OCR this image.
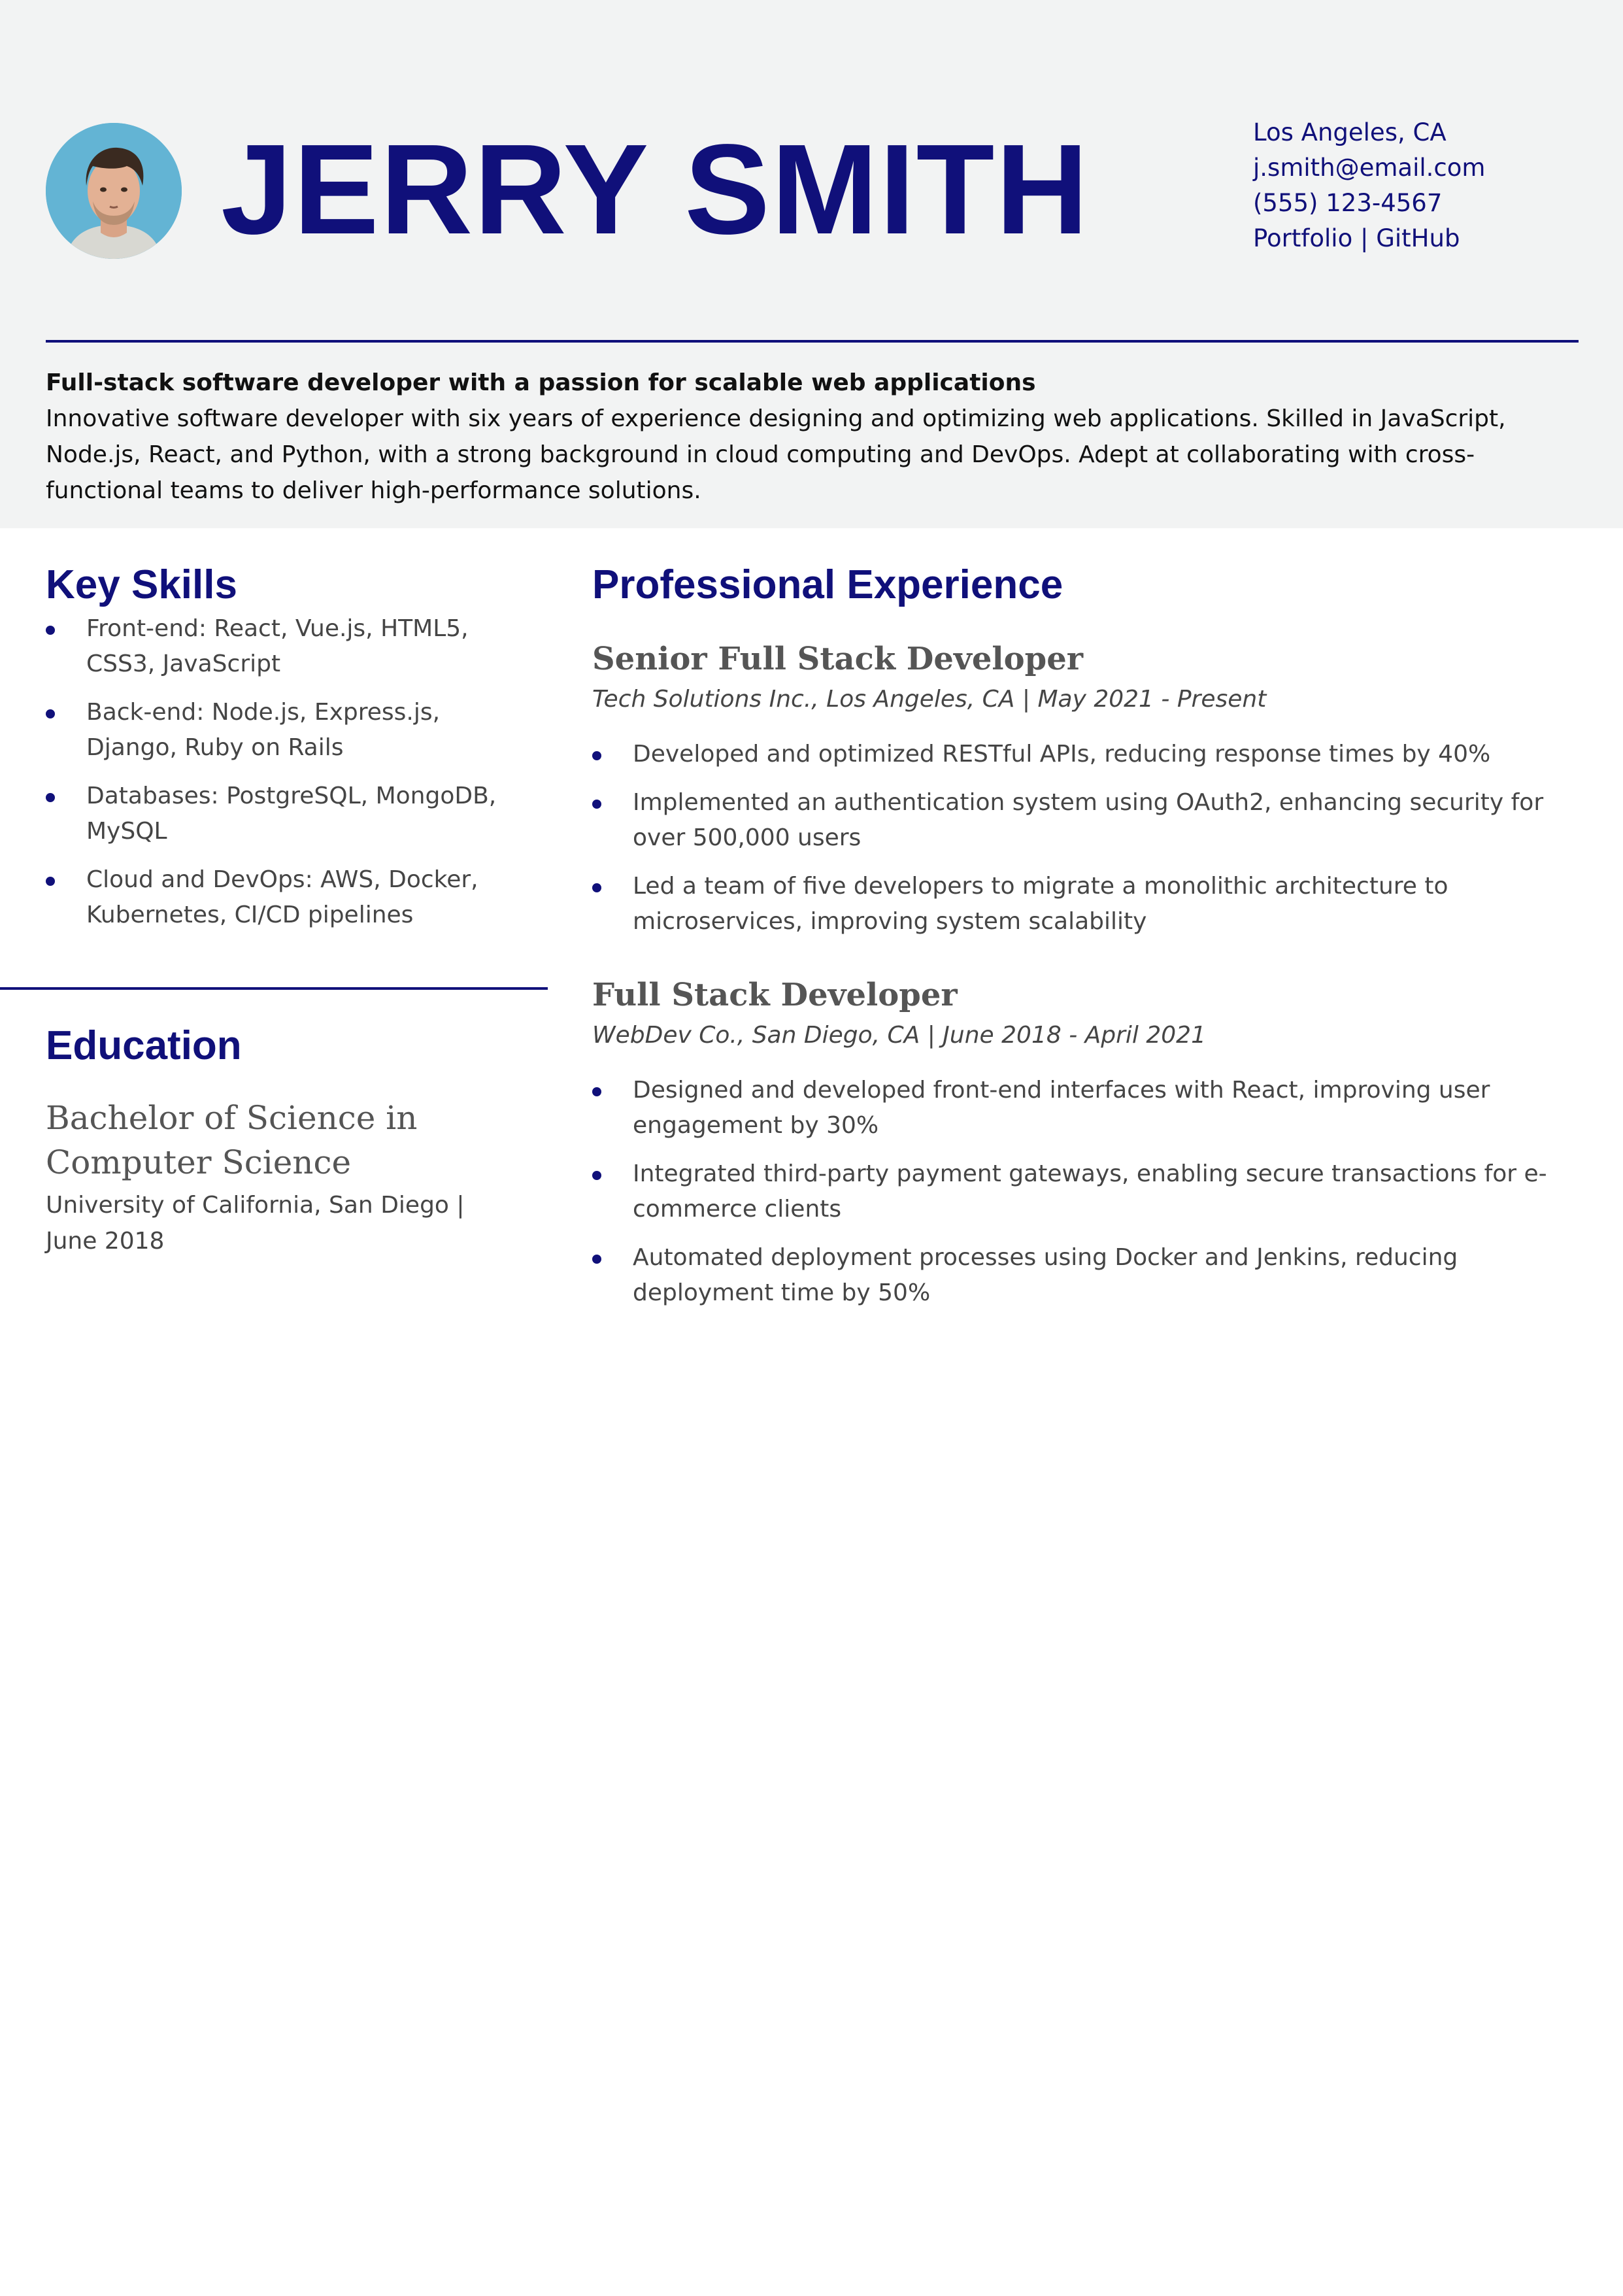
JERRY SMITH	Los Angeles, CA
j.smith@email.com
(555) 123-4567
Portfolio | GitHub

Full-stack software developer with a passion for scalable web applications

Innovative software developer with six years of experience designing and optimizing web applications. Skilled in JavaScript, Node.js, React, and Python, with a strong background in cloud computing and DevOps. Adept at collaborating with cross-functional teams to deliver high-performance solutions.

Key Skills
Front-end: React, Vue.js, HTML5, CSS3, JavaScript
Back-end: Node.js, Express.js, Django, Ruby on Rails
Databases: PostgreSQL, MongoDB, MySQL
Cloud and DevOps: AWS, Docker, Kubernetes, CI/CD pipelines
Education
Bachelor of Science in Computer Science
University of California, San Diego | June 2018
Professional Experience
Senior Full Stack Developer
Tech Solutions Inc., Los Angeles, CA | May 2021 - Present
Developed and optimized RESTful APIs, reducing response times by 40%
Implemented an authentication system using OAuth2, enhancing security for over 500,000 users
Led a team of five developers to migrate a monolithic architecture to microservices, improving system scalability
Full Stack Developer
WebDev Co., San Diego, CA | June 2018 - April 2021
Designed and developed front-end interfaces with React, improving user engagement by 30%
Integrated third-party payment gateways, enabling secure transactions for e-commerce clients
Automated deployment processes using Docker and Jenkins, reducing deployment time by 50%
